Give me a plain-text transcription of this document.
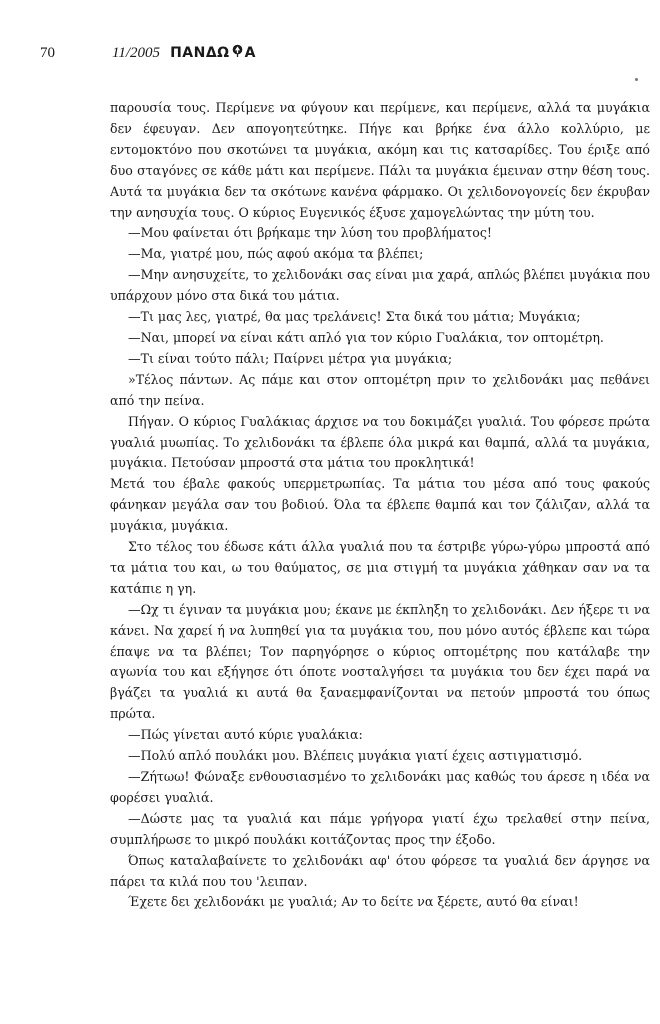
70	11/2005 ΠΑΝΔΩ Α

παρουσία τους. Περίμενε να φύγουν και περίμενε, και περίμενε, αλλά τα μυγάκια δεν έφευγαν. Δεν απογοητεύτηκε. Πήγε και βρήκε ένα άλλο κολλύριο, με εντομοκτόνο που σκοτώνει τα μυγάκια, ακόμη και τις κατσαρίδες. Του έριξε από δυο σταγόνες σε κάθε μάτι και περίμενε. Πάλι τα μυγάκια έμειναν στην θέση τους. Αυτά τα μυγάκια δεν τα σκότωνε κανένα φάρμακο. Οι χελιδονογονείς δεν έκρυβαν την ανησυχία τους. Ο κύριος Ευγενικός έξυσε χαμογελώντας την μύτη του.

—Μου φαίνεται ότι βρήκαμε την λύση του προβλήματος!

—Μα, γιατρέ μου, πώς αφού ακόμα τα βλέπει;

—Μην ανησυχείτε, το χελιδονάκι σας είναι μια χαρά, απλώς βλέπει μυγάκια που υπάρχουν μόνο στα δικά του μάτια.

—Τι μας λες, γιατρέ, θα μας τρελάνεις! Στα δικά του μάτια; Μυγάκια;

—Ναι, μπορεί να είναι κάτι απλό για τον κύριο Γυαλάκια, τον οπτομέτρη.

—Τι είναι τούτο πάλι; Παίρνει μέτρα για μυγάκια;

»Τέλος πάντων. Ας πάμε και στον οπτομέτρη πριν το χελιδονάκι μας πεθάνει από την πείνα.

Πήγαν. Ο κύριος Γυαλάκιας άρχισε να του δοκιμάζει γυαλιά. Του φόρεσε πρώτα γυαλιά μυωπίας. Το χελιδονάκι τα έβλεπε όλα μικρά και θαμπά, αλλά τα μυγάκια, μυγάκια. Πετούσαν μπροστά στα μάτια του προκλητικά!

Μετά του έβαλε φακούς υπερμετρωπίας. Τα μάτια του μέσα από τους φακούς φάνηκαν μεγάλα σαν του βοδιού. Όλα τα έβλεπε θαμπά και τον ζάλιζαν, αλλά τα μυγάκια, μυγάκια.

Στο τέλος του έδωσε κάτι άλλα γυαλιά που τα έστριβε γύρω-γύρω μπροστά από τα μάτια του και, ω του θαύματος, σε μια στιγμή τα μυγάκια χάθηκαν σαν να τα κατάπιε η γη.

—Ωχ τι έγιναν τα μυγάκια μου; έκανε με έκπληξη το χελιδονάκι. Δεν ήξερε τι να κάνει. Να χαρεί ή να λυπηθεί για τα μυγάκια του, που μόνο αυτός έβλεπε και τώρα έπαψε να τα βλέπει; Τον παρηγόρησε ο κύριος οπτομέτρης που κατάλαβε την αγωνία του και εξήγησε ότι όποτε νοσταλγήσει τα μυγάκια του δεν έχει παρά να βγάζει τα γυαλιά κι αυτά θα ξαναεμφανίζονται να πετούν μπροστά του όπως πρώτα.

—Πώς γίνεται αυτό κύριε γυαλάκια:

—Πολύ απλό πουλάκι μου. Βλέπεις μυγάκια γιατί έχεις αστιγματισμό.

—Ζήτωω! Φώναξε ενθουσιασμένο το χελιδονάκι μας καθώς του άρεσε η ιδέα να φορέσει γυαλιά.

—Δώστε μας τα γυαλιά και πάμε γρήγορα γιατί έχω τρελαθεί στην πείνα, συμπλήρωσε το μικρό πουλάκι κοιτάζοντας προς την έξοδο.

Όπως καταλαβαίνετε το χελιδονάκι αφ' ότου φόρεσε τα γυαλιά δεν άργησε να πάρει τα κιλά που του 'λειπαν.

Έχετε δει χελιδονάκι με γυαλιά; Αν το δείτε να ξέρετε, αυτό θα είναι!
